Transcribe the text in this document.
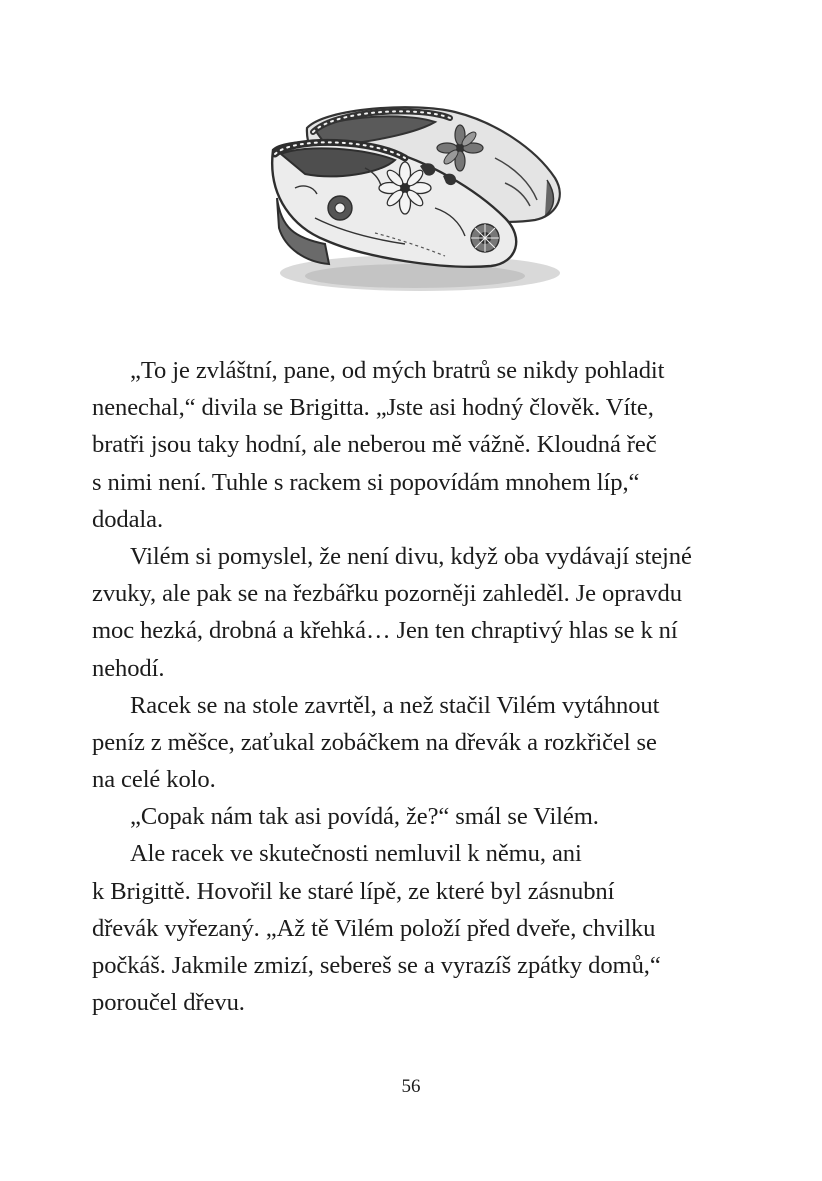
„To je zvláštní, pane, od mých bratrů se nikdy pohladit
nenechal,“ divila se Brigitta. „Jste asi hodný člověk. Víte,
bratři jsou taky hodní, ale neberou mě vážně. Kloudná řeč
s nimi není. Tuhle s rackem si popovídám mnohem líp,“
dodala.
Vilém si pomyslel, že není divu, když oba vydávají stejné
zvuky, ale pak se na řezbářku pozorněji zahleděl. Je opravdu
moc hezká, drobná a křehká… Jen ten chraptivý hlas se k ní
nehodí.
Racek se na stole zavrtěl, a než stačil Vilém vytáhnout
peníz z měšce, zaťukal zobáčkem na dřevák a rozkřičel se
na celé kolo.
„Copak nám tak asi povídá, že?“ smál se Vilém.
Ale racek ve skutečnosti nemluvil k němu, ani
k Brigittě. Hovořil ke staré lípě, ze které byl zásnubní
dřevák vyřezaný. „Až tě Vilém položí před dveře, chvilku
počkáš. Jakmile zmizí, sebereš se a vyrazíš zpátky domů,“
poroučel dřevu.
56
